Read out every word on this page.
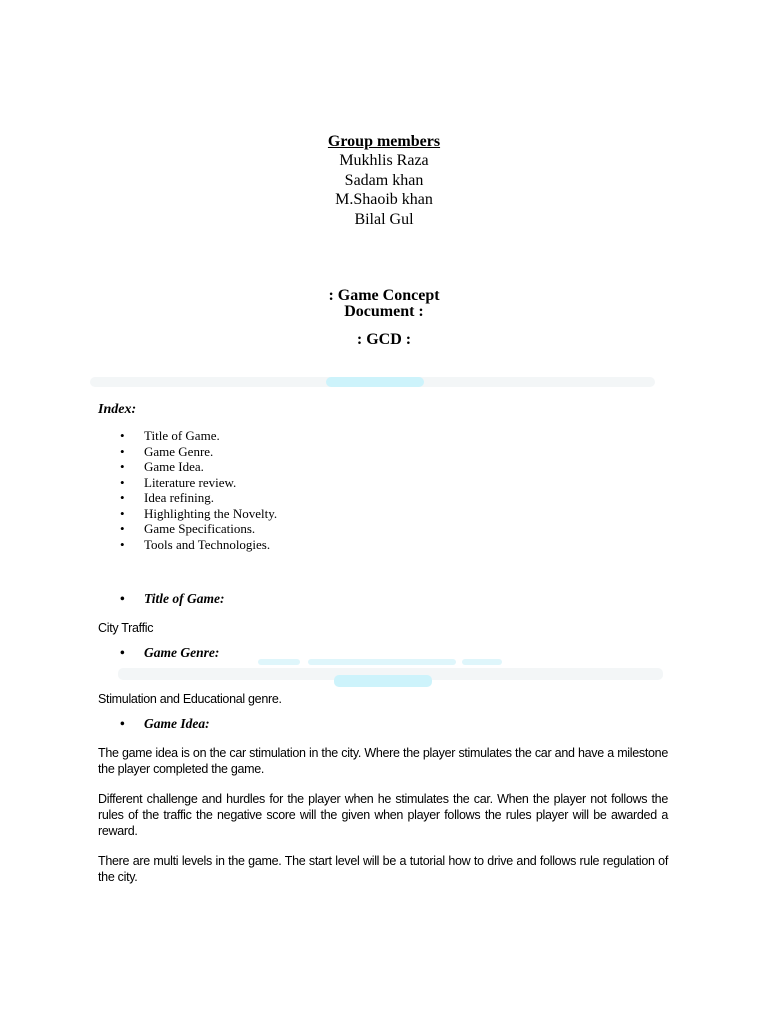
Group members
Mukhlis Raza
Sadam khan
M.Shaoib khan
Bilal Gul
: Game Concept
Document :
: GCD :
Index:
• Title of Game.
• Game Genre.
• Game Idea.
• Literature review.
• Idea refining.
• Highlighting the Novelty.
• Game Specifications.
• Tools and Technologies.
• Title of Game:
City Traffic
• Game Genre:
Stimulation and Educational genre.
• Game Idea:
The game idea is on the car stimulation in the city. Where the player stimulates the car and have a milestone the player completed the game.
Different challenge and hurdles for the player when he stimulates the car. When the player not follows the rules of the traffic the negative score will the given when player follows the rules player will be awarded a reward.
There are multi levels in the game. The start level will be a tutorial how to drive and follows rule regulation of the city.
